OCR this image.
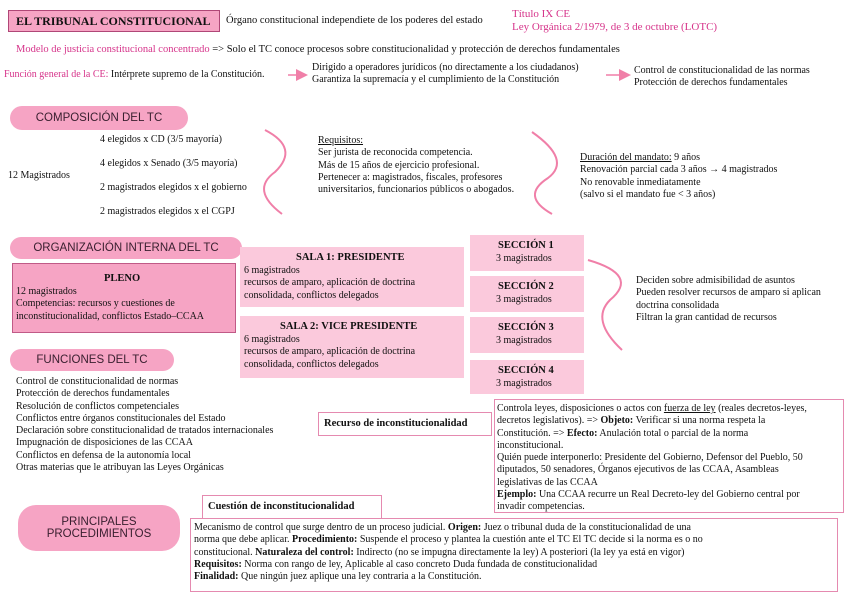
EL TRIBUNAL CONSTITUCIONAL Órgano constitucional independiete de los poderes del estado
Título IX CE
Ley Orgánica 2/1979, de 3 de octubre (LOTC)
Modelo de justicia constitucional concentrado => Solo el TC conoce procesos sobre constitucionalidad y protección de derechos fundamentales
Función general de la CE: Intérprete supremo de la Constitución.
Dirigido a operadores jurídicos (no directamente a los ciudadanos)
Garantiza la supremacía y el cumplimiento de la Constitución
Control de constitucionalidad de las normas
Protección de derechos fundamentales
COMPOSICIÓN DEL TC
12 Magistrados
4 elegidos x CD (3/5 mayoría)
4 elegidos x Senado (3/5 mayoría)
2 magistrados elegidos x el gobierno
2 magistrados elegidos x el CGPJ
Requisitos:
Ser jurista de reconocida competencia.
Más de 15 años de ejercicio profesional.
Pertenecer a: magistrados, fiscales, profesores
universitarios, funcionarios públicos o abogados.
Duración del mandato: 9 años
Renovación parcial cada 3 años → 4 magistrados
No renovable inmediatamente
(salvo si el mandato fue < 3 años)
ORGANIZACIÓN INTERNA DEL TC
PLENO
12 magistrados
Competencias: recursos y cuestiones de
inconstitucionalidad, conflictos Estado–CCAA
SALA 1: PRESIDENTE
6 magistrados
recursos de amparo, aplicación de doctrina
consolidada, conflictos delegados
SALA 2: VICE PRESIDENTE
6 magistrados
recursos de amparo, aplicación de doctrina
consolidada, conflictos delegados
SECCIÓN 1
3 magistrados
SECCIÓN 2
3 magistrados
SECCIÓN 3
3 magistrados
SECCIÓN 4
3 magistrados
Deciden sobre admisibilidad de asuntos
Pueden resolver recursos de amparo si aplican
doctrina consolidada
Filtran la gran cantidad de recursos
FUNCIONES DEL TC
Control de constitucionalidad de normas
Protección de derechos fundamentales
Resolución de conflictos competenciales
Conflictos entre órganos constitucionales del Estado
Declaración sobre constitucionalidad de tratados internacionales
Impugnación de disposiciones de las CCAA
Conflictos en defensa de la autonomía local
Otras materias que le atribuyan las Leyes Orgánicas
Recurso de inconstitucionalidad
Controla leyes, disposiciones o actos con fuerza de ley (reales decretos-leyes,
decretos legislativos). => Objeto: Verificar si una norma respeta la
Constitución. => Efecto: Anulación total o parcial de la norma
inconstitucional.
Quién puede interponerlo: Presidente del Gobierno, Defensor del Pueblo, 50
diputados, 50 senadores, Órganos ejecutivos de las CCAA, Asambleas
legislativas de las CCAA
Ejemplo: Una CCAA recurre un Real Decreto-ley del Gobierno central por
invadir competencias.
PRINCIPALES
PROCEDIMIENTOS
Cuestión de inconstitucionalidad
Mecanismo de control que surge dentro de un proceso judicial. Origen: Juez o tribunal duda de la constitucionalidad de una
norma que debe aplicar. Procedimiento: Suspende el proceso y plantea la cuestión ante el TC El TC decide si la norma es o no
constitucional. Naturaleza del control: Indirecto (no se impugna directamente la ley) A posteriori (la ley ya está en vigor)
Requisitos: Norma con rango de ley, Aplicable al caso concreto Duda fundada de constitucionalidad
Finalidad: Que ningún juez aplique una ley contraria a la Constitución.
